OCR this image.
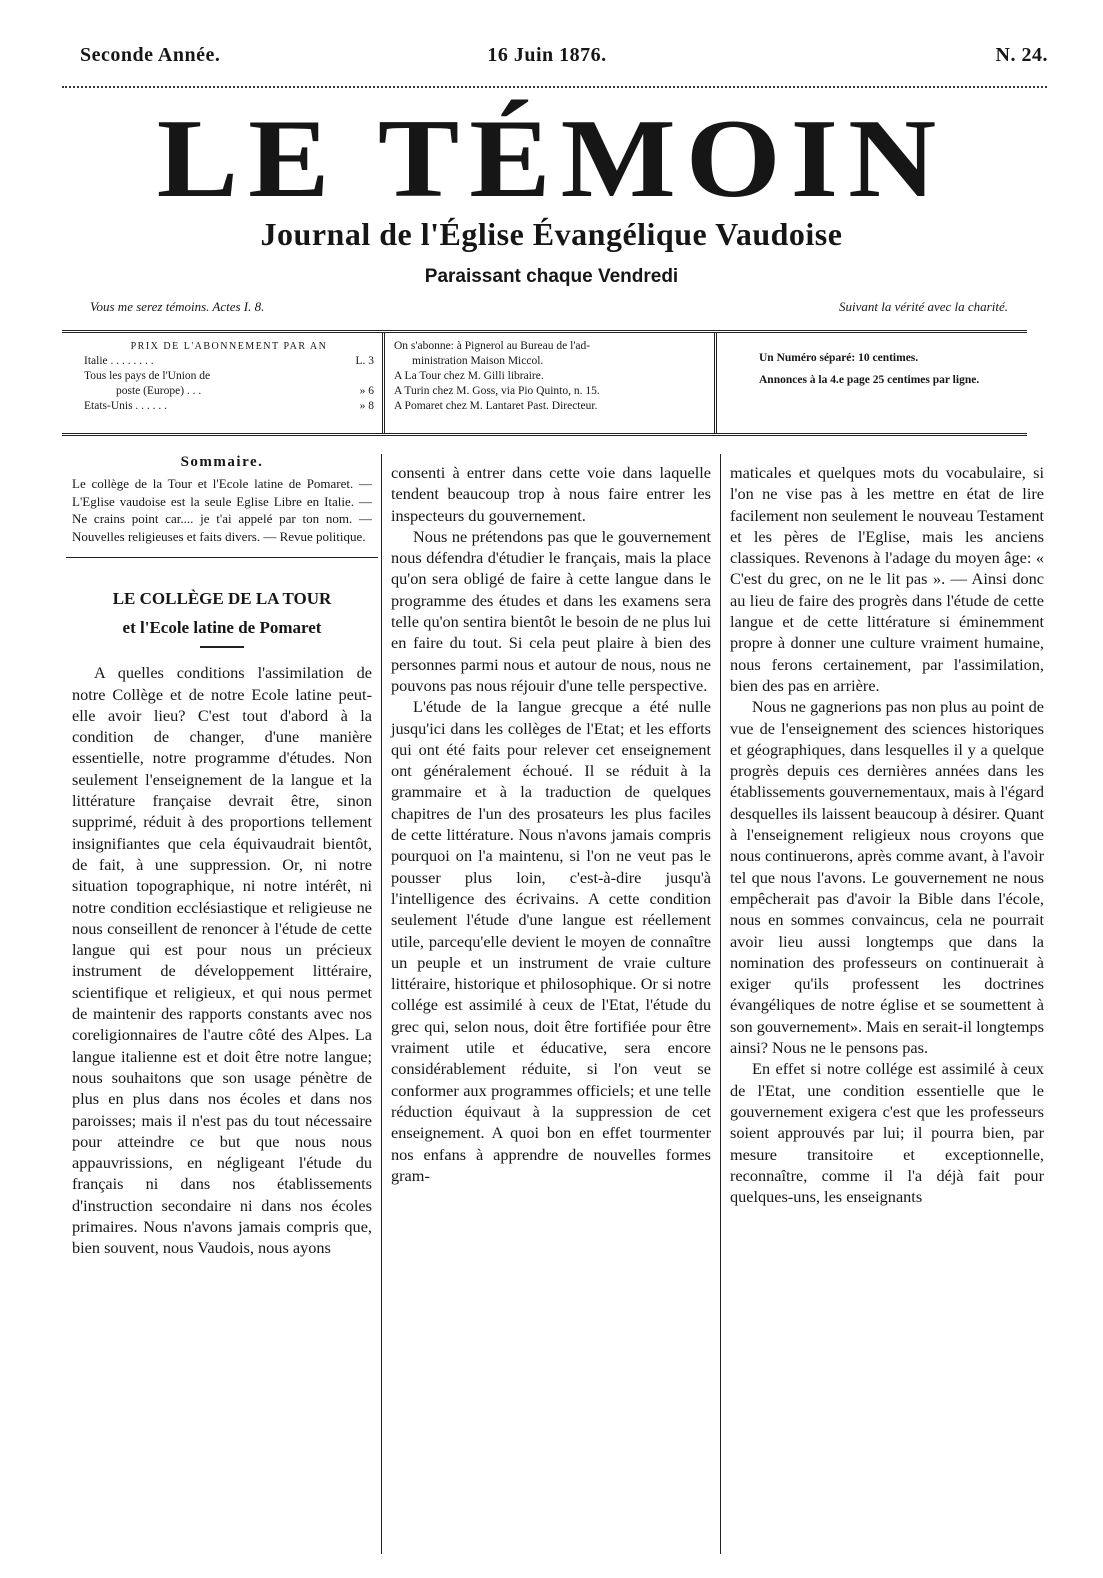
Seconde Année.	16 Juin 1876.	N. 24.
LE TÉMOIN
Journal de l'Église Évangélique Vaudoise
Paraissant chaque Vendredi
Vous me serez témoins. Actes I. 8.	Suivant la vérité avec la charité.
PRIX DE L'ABONNEMENT PAR AN
Italie . . . . . . . .	L. 3
Tous les pays de l'Union de
poste (Europe) . . .	» 6
Etats-Unis . . . . . .	» 8
On s'abonne: à Pignerol au Bureau de l'ad-
ministration Maison Miccol.
A La Tour chez M. Gilli libraire.
A Turin chez M. Goss, via Pio Quinto, n. 15.
A Pomaret chez M. Lantaret Past. Directeur.
Un Numéro séparé: 10 centimes.
Annonces à la 4.e page 25 centimes par ligne.
Sommaire.
Le collège de la Tour et l'Ecole latine de Pomaret. — L'Eglise vaudoise est la seule Eglise Libre en Italie. — Ne crains point car.... je t'ai appelé par ton nom. — Nouvelles religieuses et faits divers. — Revue politique.
LE COLLÈGE DE LA TOUR
et l'Ecole latine de Pomaret

A quelles conditions l'assimilation de notre Collège et de notre Ecole latine peut-elle avoir lieu? C'est tout d'abord à la condition de changer, d'une manière essentielle, notre programme d'études. Non seulement l'enseignement de la langue et la littérature française devrait être, sinon supprimé, réduit à des proportions tellement insignifiantes que cela équivaudrait bientôt, de fait, à une suppression. Or, ni notre situation topographique, ni notre intérêt, ni notre condition ecclésiastique et religieuse ne nous conseillent de renoncer à l'étude de cette langue qui est pour nous un précieux instrument de développement littéraire, scientifique et religieux, et qui nous permet de maintenir des rapports constants avec nos coreligionnaires de l'autre côté des Alpes. La langue italienne est et doit être notre langue; nous souhaitons que son usage pénètre de plus en plus dans nos écoles et dans nos paroisses; mais il n'est pas du tout nécessaire pour atteindre ce but que nous nous appauvrissions, en négligeant l'étude du français ni dans nos établissements d'instruction secondaire ni dans nos écoles primaires. Nous n'avons jamais compris que, bien souvent, nous Vaudois, nous ayons

consenti à entrer dans cette voie dans laquelle tendent beaucoup trop à nous faire entrer les inspecteurs du gouvernement.

Nous ne prétendons pas que le gouvernement nous défendra d'étudier le français, mais la place qu'on sera obligé de faire à cette langue dans le programme des études et dans les examens sera telle qu'on sentira bientôt le besoin de ne plus lui en faire du tout. Si cela peut plaire à bien des personnes parmi nous et autour de nous, nous ne pouvons pas nous réjouir d'une telle perspective.

L'étude de la langue grecque a été nulle jusqu'ici dans les collèges de l'Etat; et les efforts qui ont été faits pour relever cet enseignement ont généralement échoué. Il se réduit à la grammaire et à la traduction de quelques chapitres de l'un des prosateurs les plus faciles de cette littérature. Nous n'avons jamais compris pourquoi on l'a maintenu, si l'on ne veut pas le pousser plus loin, c'est-à-dire jusqu'à l'intelligence des écrivains. A cette condition seulement l'étude d'une langue est réellement utile, parcequ'elle devient le moyen de connaître un peuple et un instrument de vraie culture littéraire, historique et philosophique. Or si notre collége est assimilé à ceux de l'Etat, l'étude du grec qui, selon nous, doit être fortifiée pour être vraiment utile et éducative, sera encore considérablement réduite, si l'on veut se conformer aux programmes officiels; et une telle réduction équivaut à la suppression de cet enseignement. A quoi bon en effet tourmenter nos enfans à apprendre de nouvelles formes gram-

maticales et quelques mots du vocabulaire, si l'on ne vise pas à les mettre en état de lire facilement non seulement le nouveau Testament et les pères de l'Eglise, mais les anciens classiques. Revenons à l'adage du moyen âge: « C'est du grec, on ne le lit pas ». — Ainsi donc au lieu de faire des progrès dans l'étude de cette langue et de cette littérature si éminemment propre à donner une culture vraiment humaine, nous ferons certainement, par l'assimilation, bien des pas en arrière.

Nous ne gagnerions pas non plus au point de vue de l'enseignement des sciences historiques et géographiques, dans lesquelles il y a quelque progrès depuis ces dernières années dans les établissements gouvernementaux, mais à l'égard desquelles ils laissent beaucoup à désirer. Quant à l'enseignement religieux nous croyons que nous continuerons, après comme avant, à l'avoir tel que nous l'avons. Le gouvernement ne nous empêcherait pas d'avoir la Bible dans l'école, nous en sommes convaincus, cela ne pourrait avoir lieu aussi longtemps que dans la nomination des professeurs on continuerait à exiger qu'ils professent les doctrines évangéliques de notre église et se soumettent à son gouvernement». Mais en serait-il longtemps ainsi? Nous ne le pensons pas.

En effet si notre collége est assimilé à ceux de l'Etat, une condition essentielle que le gouvernement exigera c'est que les professeurs soient approuvés par lui; il pourra bien, par mesure transitoire et exceptionnelle, reconnaître, comme il l'a déjà fait pour quelques-uns, les enseignants
